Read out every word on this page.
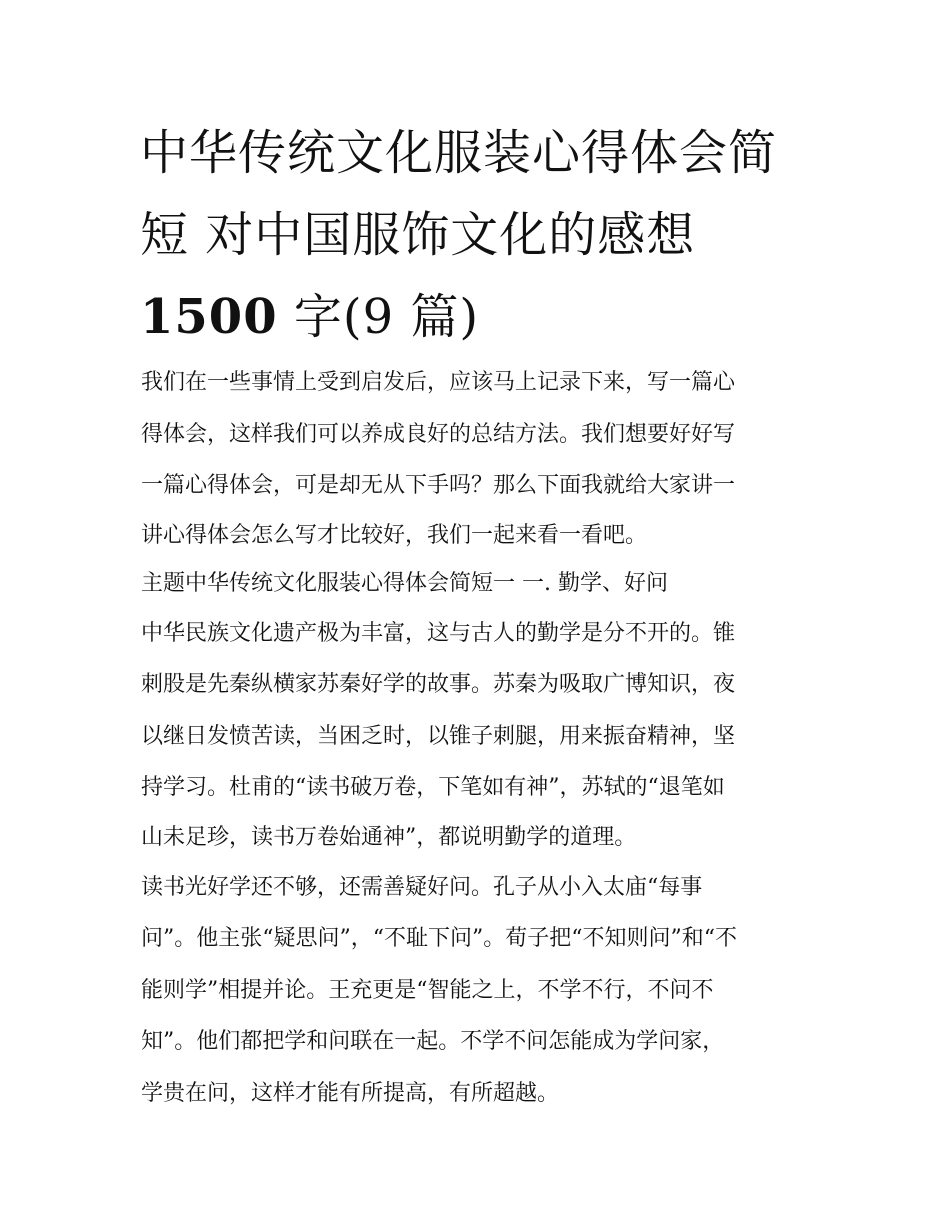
中华传统文化服装心得体会简
短 对中国服饰文化的感想
1500 字(9 篇)
我们在一些事情上受到启发后，应该马上记录下来，写一篇心
得体会，这样我们可以养成良好的总结方法。我们想要好好写
一篇心得体会，可是却无从下手吗？那么下面我就给大家讲一
讲心得体会怎么写才比较好，我们一起来看一看吧。
主题中华传统文化服装心得体会简短一 一. 勤学、好问
中华民族文化遗产极为丰富，这与古人的勤学是分不开的。锥
刺股是先秦纵横家苏秦好学的故事。苏秦为吸取广博知识，夜
以继日发愤苦读，当困乏时，以锥子刺腿，用来振奋精神，坚
持学习。杜甫的“读书破万卷，下笔如有神”，苏轼的“退笔如
山未足珍，读书万卷始通神”，都说明勤学的道理。
读书光好学还不够，还需善疑好问。孔子从小入太庙“每事
问”。他主张“疑思问”，“不耻下问”。荀子把“不知则问”和“不
能则学”相提并论。王充更是“智能之上，不学不行，不问不
知”。他们都把学和问联在一起。不学不问怎能成为学问家，
学贵在问，这样才能有所提高，有所超越。
